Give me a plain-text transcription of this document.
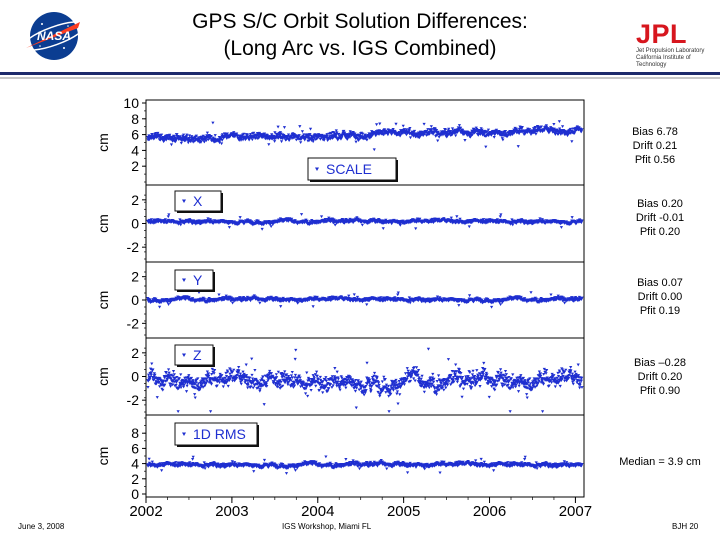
NASA
GPS S/C Orbit Solution Differences:
(Long Arc vs. IGS Combined)	JPL
Jet Propulsion Laboratory
California Institute of Technology
2
4
6
8
10
cm
SCALE
-2
0
2
cm
X
-2
0
2
cm
Y
-2
0
2
cm
Z
0
2
4
6
8
cm
1D RMS
2002	2003	2004	2005	2006	2007
Bias 6.78
Drift 0.21
Pfit 0.56
Bias 0.20
Drift -0.01
Pfit 0.20
Bias 0.07
Drift 0.00
Pfit 0.19
Bias –0.28
Drift 0.20
Pfit 0.90
Median = 3.9 cm
June 3, 2008	IGS Workshop, Miami FL	BJH 20
